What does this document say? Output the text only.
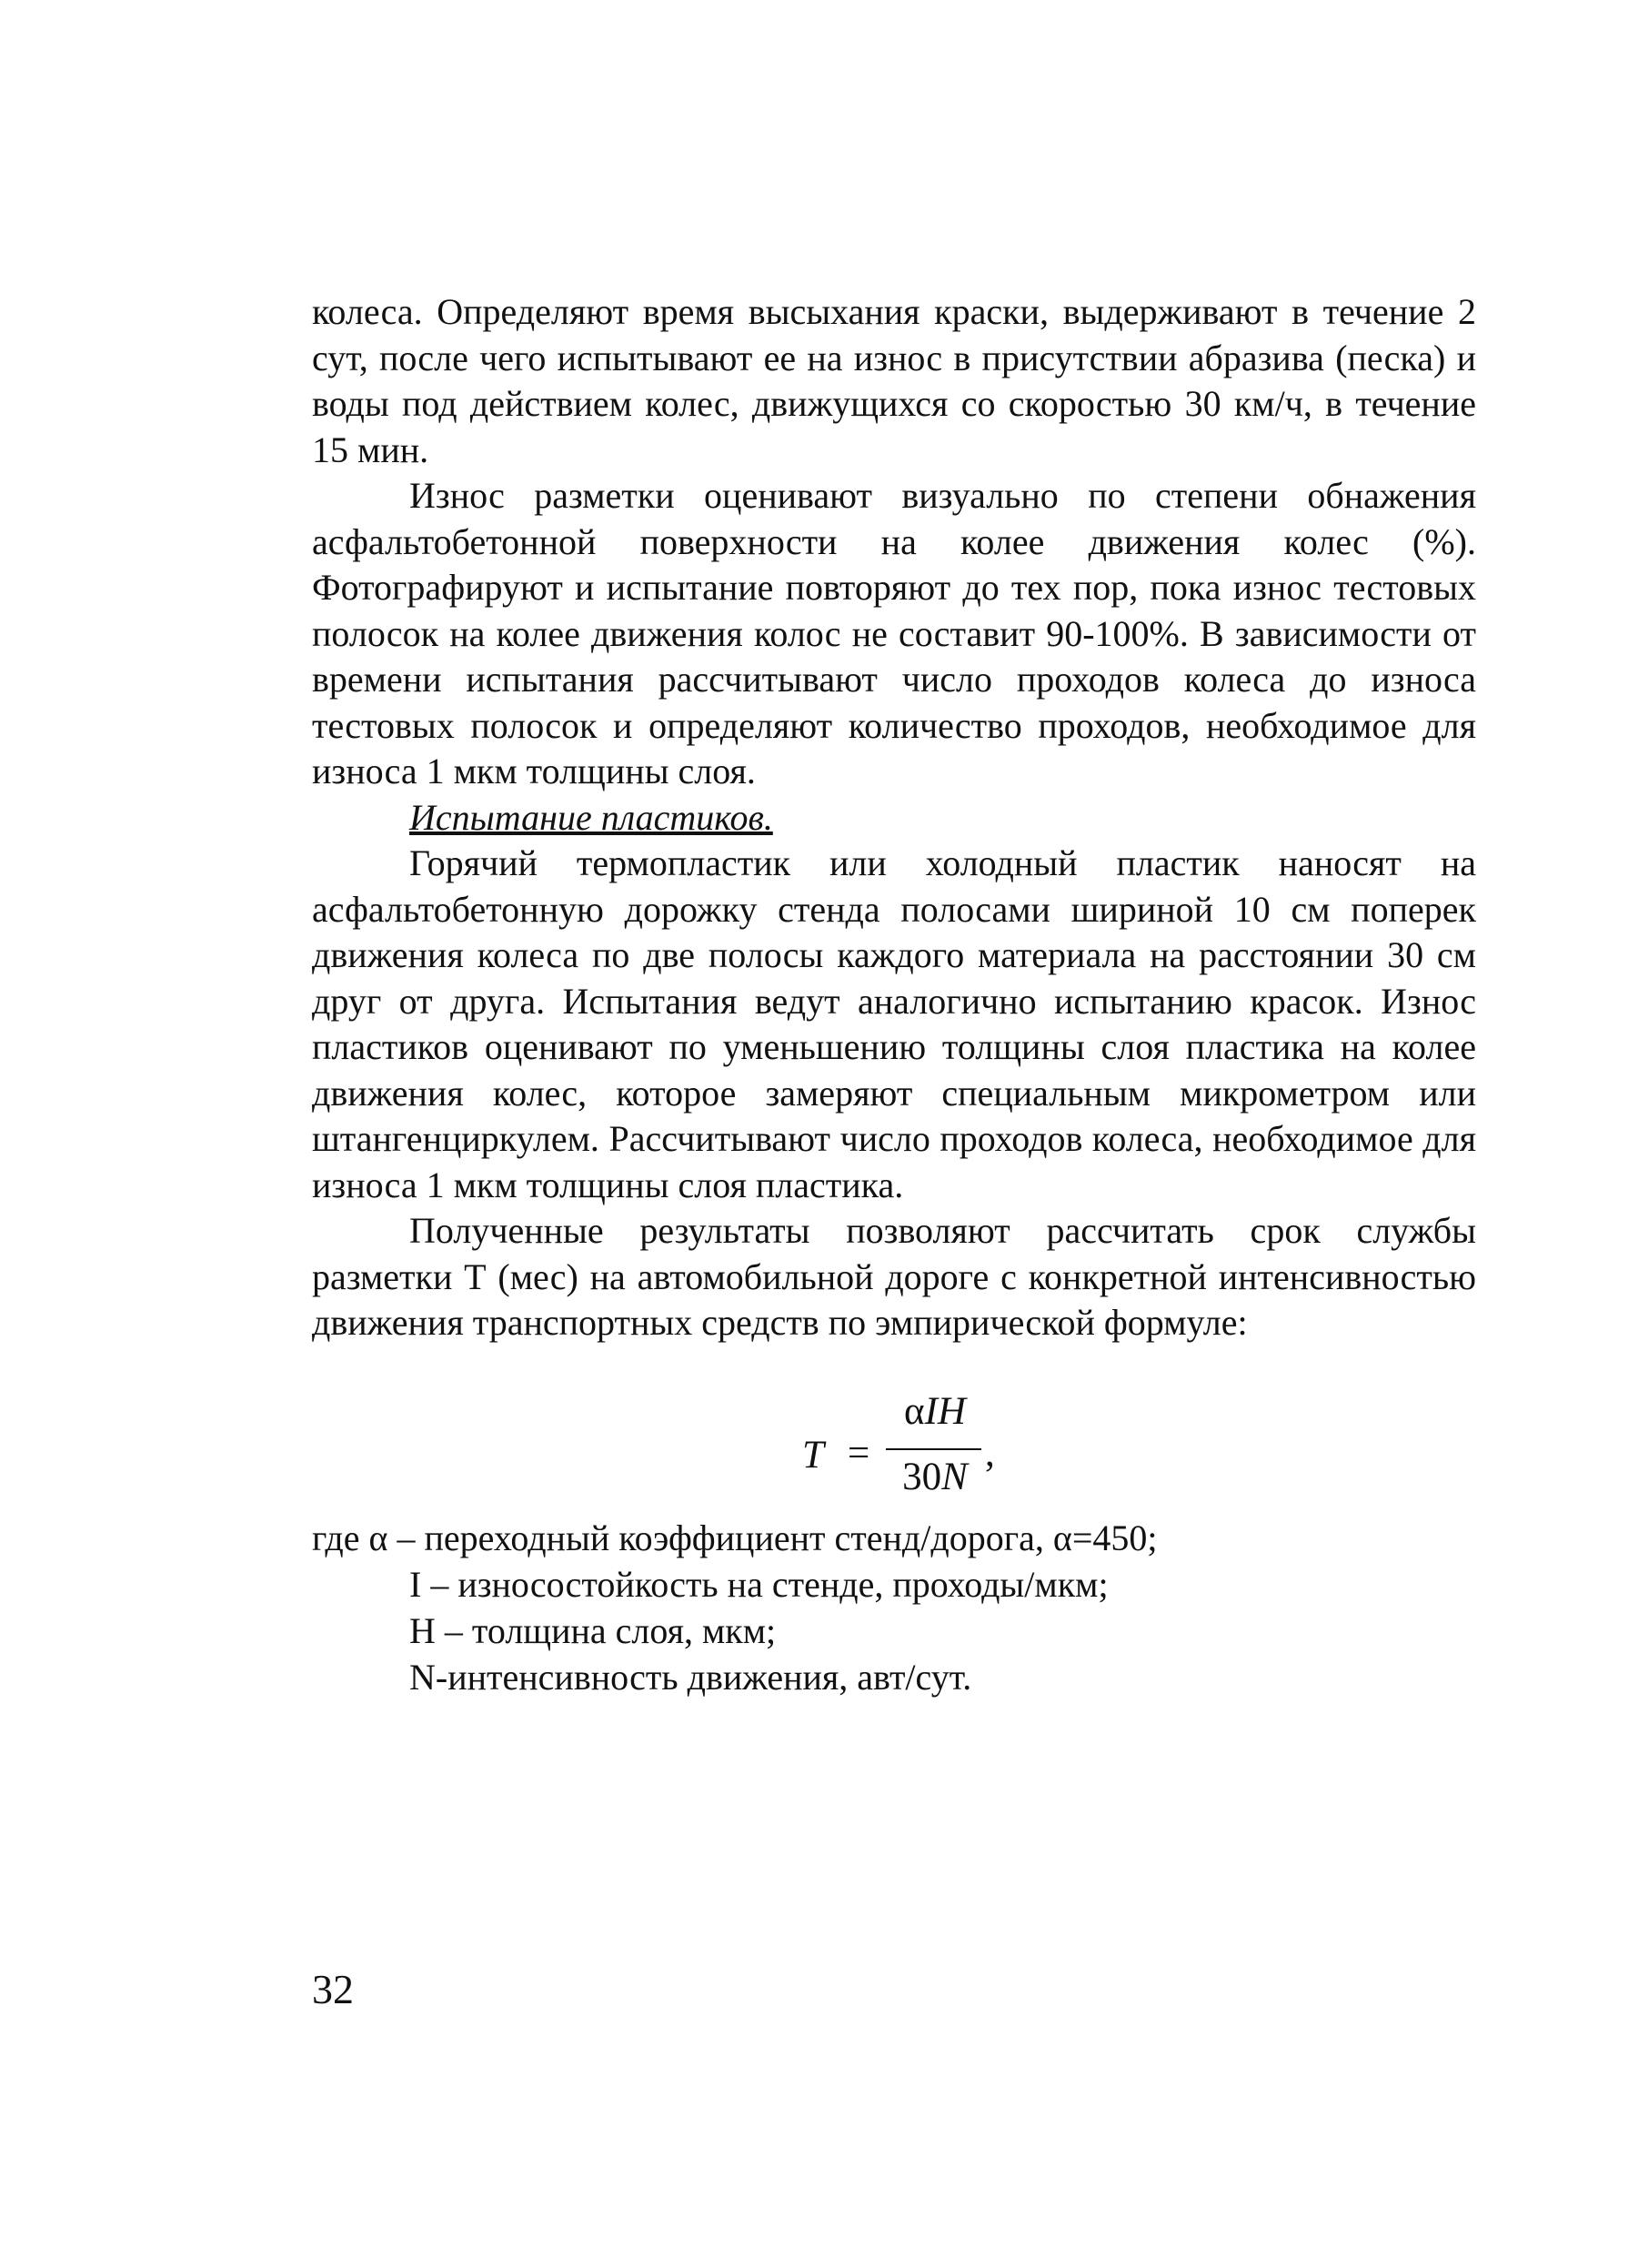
колеса. Определяют время высыхания краски, выдерживают в течение 2 сут, после чего испытывают ее на износ в присутствии абразива (песка) и воды под действием колес, движущихся со скоростью 30 км/ч, в течение 15 мин.

Износ разметки оценивают визуально по степени обнажения асфальтобетонной поверхности на колее движения колес (%). Фотографируют и испытание повторяют до тех пор, пока износ тестовых полосок на колее движения колос не составит 90-100%. В зависимости от времени испытания рассчитывают число проходов колеса до износа тестовых полосок и определяют количество проходов, необходимое для износа 1 мкм толщины слоя.

Испытание пластиков.

Горячий термопластик или холодный пластик наносят на асфальтобетонную дорожку стенда полосами шириной 10 см поперек движения колеса по две полосы каждого материала на расстоянии 30 см друг от друга. Испытания ведут аналогично испытанию красок. Износ пластиков оценивают по уменьшению толщины слоя пластика на колее движения колес, которое замеряют специальным микрометром или штангенциркулем. Рассчитывают число проходов колеса, необходимое для износа 1 мкм толщины слоя пластика.

Полученные результаты позволяют рассчитать срок службы разметки Т (мес) на автомобильной дороге с конкретной интенсивностью движения транспортных средств по эмпирической формуле:

T =
αIH
30N
,

где α – переходный коэффициент стенд/дорога, α=450;

I – износостойкость на стенде, проходы/мкм;

H – толщина слоя, мкм;

N-интенсивность движения, авт/сут.

32
